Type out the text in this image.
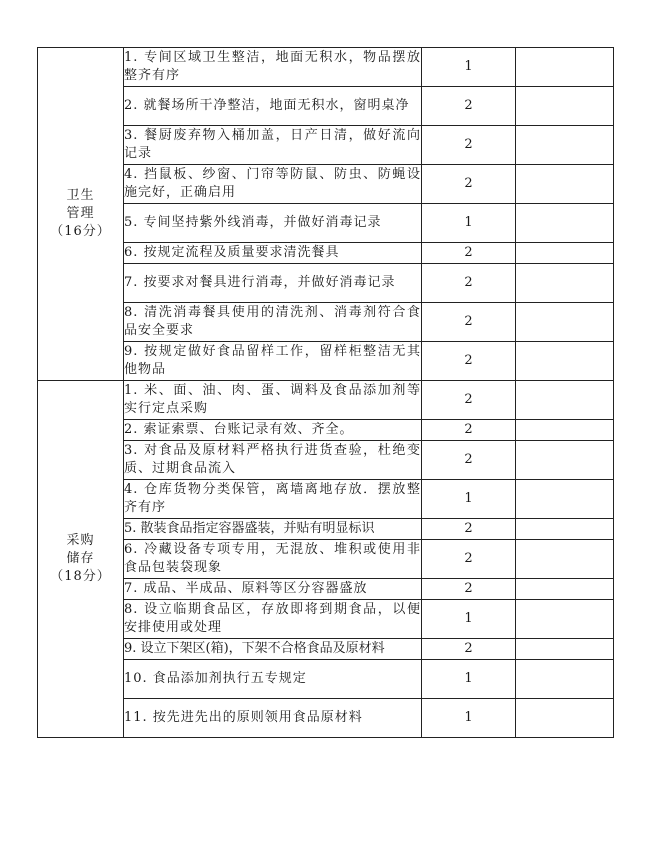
卫生
管理
（16分）	1. 专间区域卫生整洁，地面无积水，物品摆放整齐有序	1	
	2. 就餐场所干净整洁，地面无积水，窗明桌净	2	
	3. 餐厨废弃物入桶加盖，日产日清，做好流向记录	2	
	4. 挡鼠板、纱窗、门帘等防鼠、防虫、防蝇设施完好，正确启用	2	
	5. 专间坚持紫外线消毒，并做好消毒记录	1	
	6. 按规定流程及质量要求清洗餐具	2	
	7. 按要求对餐具进行消毒，并做好消毒记录	2	
	8. 清洗消毒餐具使用的清洗剂、消毒剂符合食品安全要求	2	
	9. 按规定做好食品留样工作，留样柜整洁无其他物品	2	

采购
储存
（18分）	1. 米、面、油、肉、蛋、调料及食品添加剂等实行定点采购	2	
	2. 索证索票、台账记录有效、齐全。	2	
	3. 对食品及原材料严格执行进货查验，杜绝变质、过期食品流入	2	
	4. 仓库货物分类保管，离墙离地存放．摆放整齐有序	1	
	5. 散装食品指定容器盛装，并贴有明显标识	2	
	6. 冷藏设备专项专用，无混放、堆积或使用非食品包装袋现象	2	
	7. 成品、半成品、原料等区分容器盛放	2	
	8. 设立临期食品区，存放即将到期食品，以便安排使用或处理	1	
	9. 设立下架区(箱)，下架不合格食品及原材料	2	
	10. 食品添加剂执行五专规定	1	
	11. 按先进先出的原则领用食品原材料	1	
